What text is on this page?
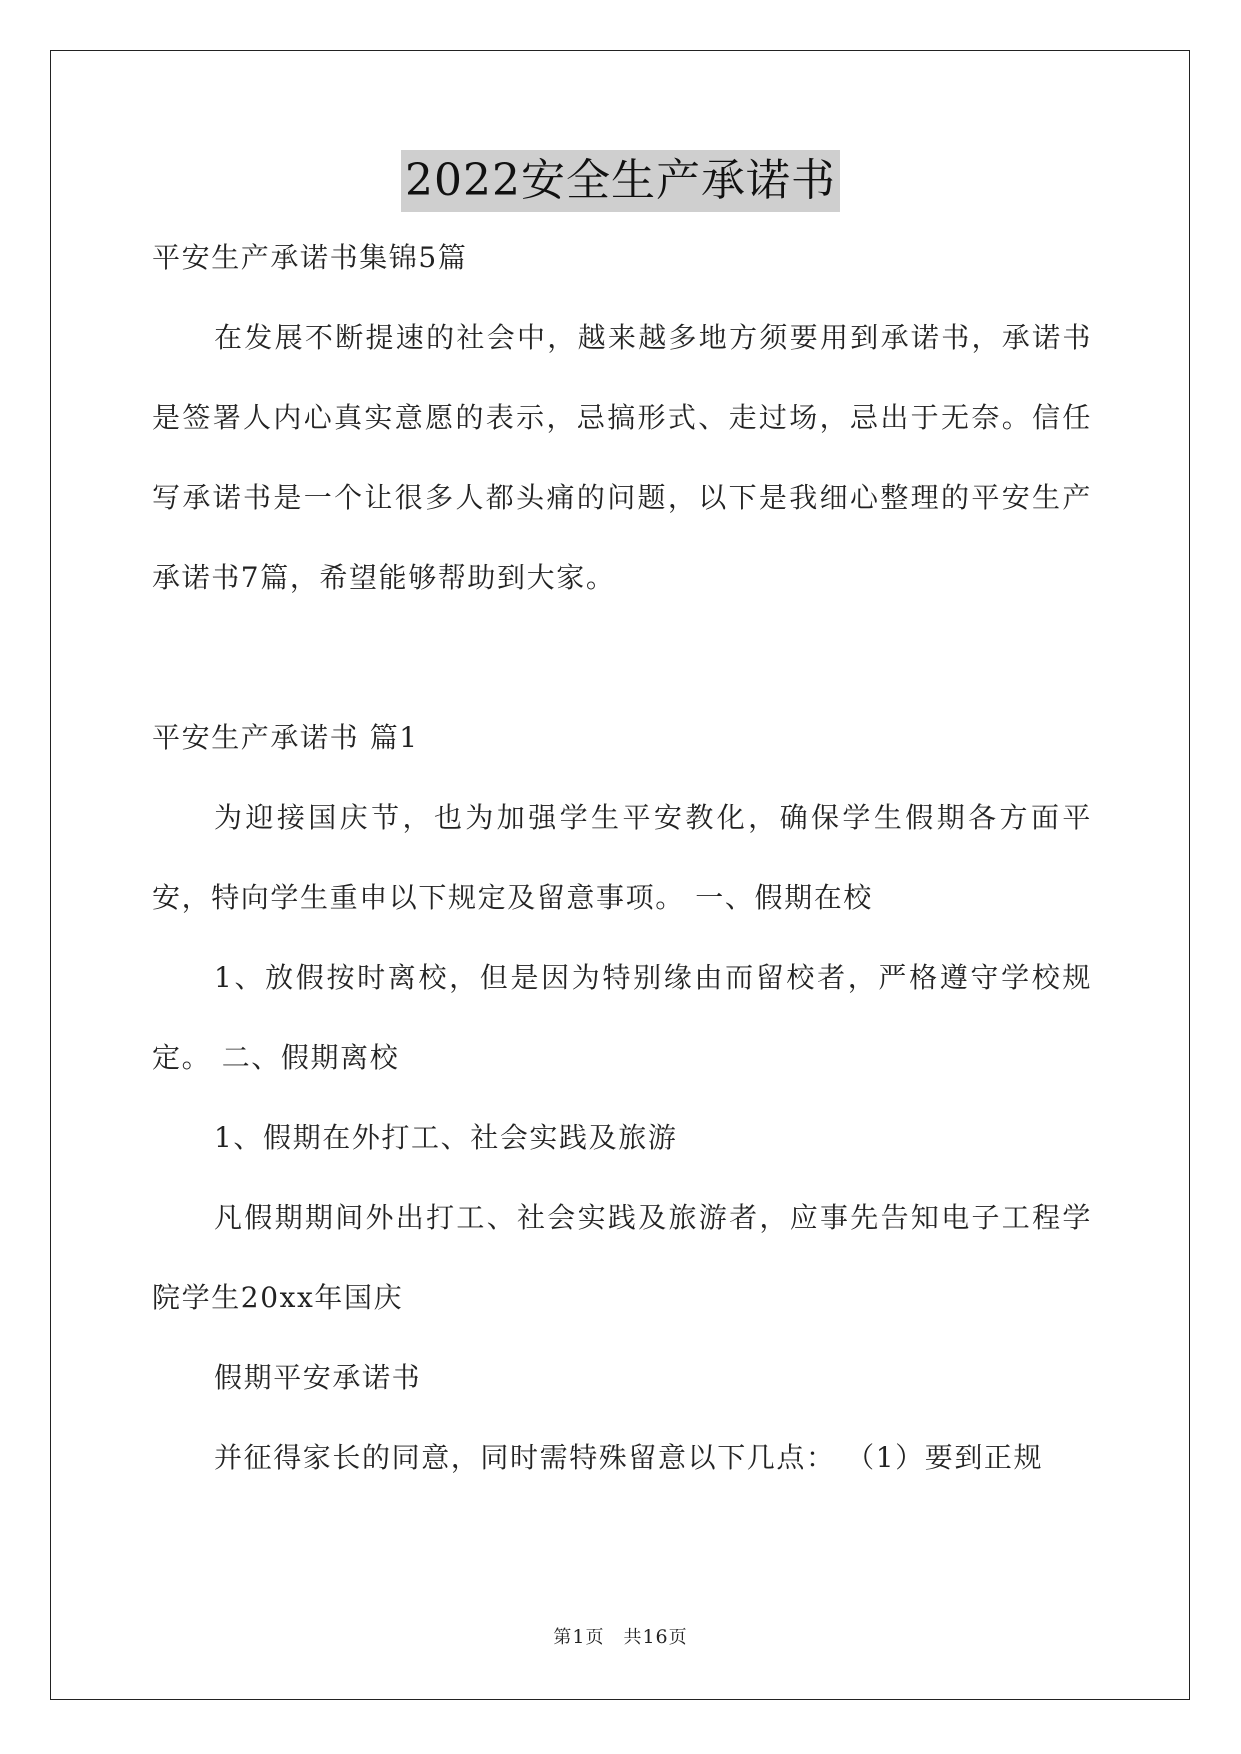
2022安全生产承诺书

平安生产承诺书集锦5篇

在发展不断提速的社会中，越来越多地方须要用到承诺书，承诺书是签署人内心真实意愿的表示，忌搞形式、走过场，忌出于无奈。信任写承诺书是一个让很多人都头痛的问题，以下是我细心整理的平安生产承诺书7篇，希望能够帮助到大家。

平安生产承诺书 篇1

为迎接国庆节，也为加强学生平安教化，确保学生假期各方面平安，特向学生重申以下规定及留意事项。 一、假期在校

1、放假按时离校，但是因为特别缘由而留校者，严格遵守学校规定。 二、假期离校

1、假期在外打工、社会实践及旅游

凡假期期间外出打工、社会实践及旅游者，应事先告知电子工程学院学生20xx年国庆

假期平安承诺书

并征得家长的同意，同时需特殊留意以下几点： （1）要到正规

第1页　共16页
